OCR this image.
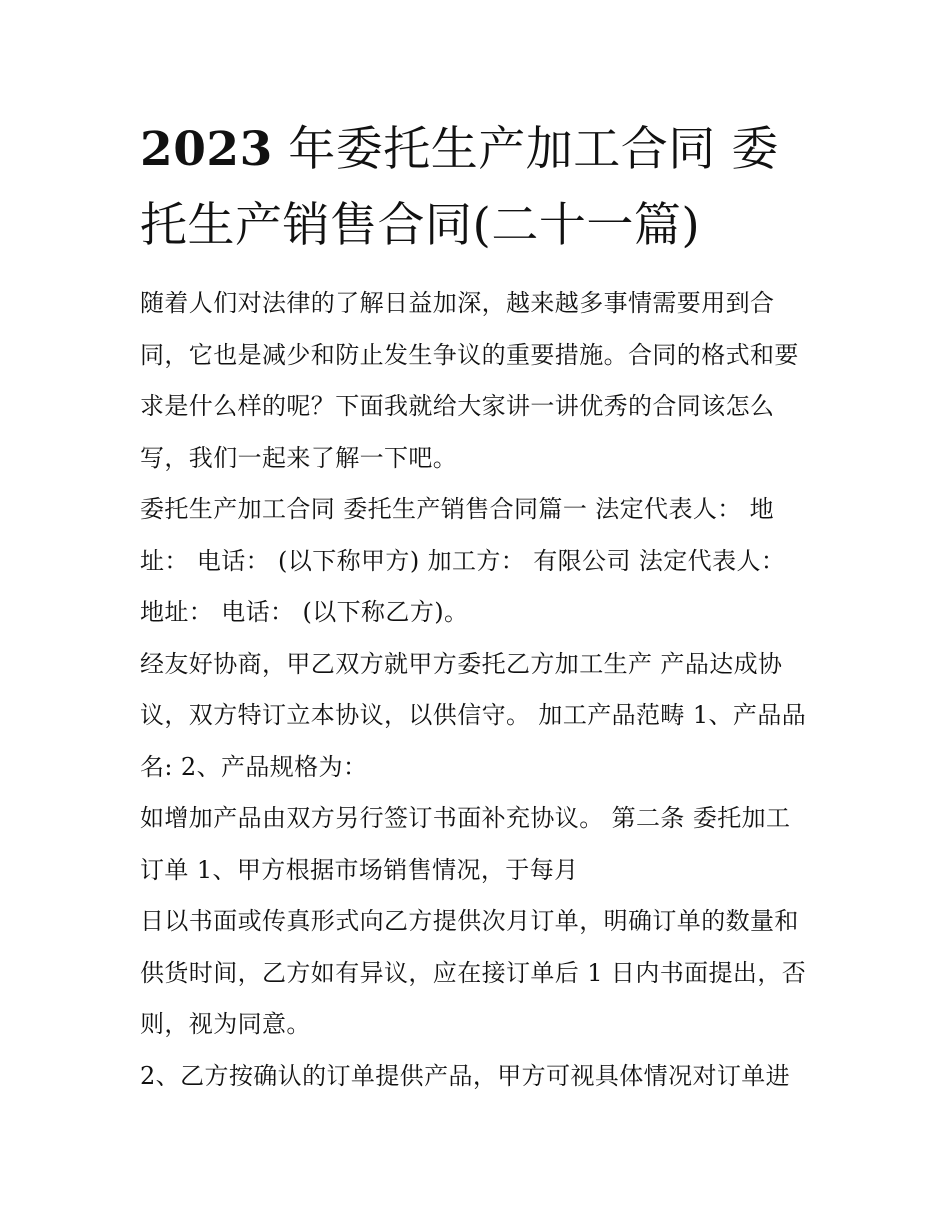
2023 年委托生产加工合同 委
托生产销售合同(二十一篇)
随着人们对法律的了解日益加深，越来越多事情需要用到合
同，它也是减少和防止发生争议的重要措施。合同的格式和要
求是什么样的呢？下面我就给大家讲一讲优秀的合同该怎么
写，我们一起来了解一下吧。
委托生产加工合同 委托生产销售合同篇一 法定代表人： 地
址： 电话： (以下称甲方) 加工方： 有限公司 法定代表人：
地址： 电话： (以下称乙方)。
经友好协商，甲乙双方就甲方委托乙方加工生产 产品达成协
议，双方特订立本协议，以供信守。 加工产品范畴 1、产品品
名: 2、产品规格为：
如增加产品由双方另行签订书面补充协议。 第二条 委托加工
订单 1、甲方根据市场销售情况，于每月
日以书面或传真形式向乙方提供次月订单，明确订单的数量和
供货时间，乙方如有异议，应在接订单后 1 日内书面提出，否
则，视为同意。
2、乙方按确认的订单提供产品，甲方可视具体情况对订单进
